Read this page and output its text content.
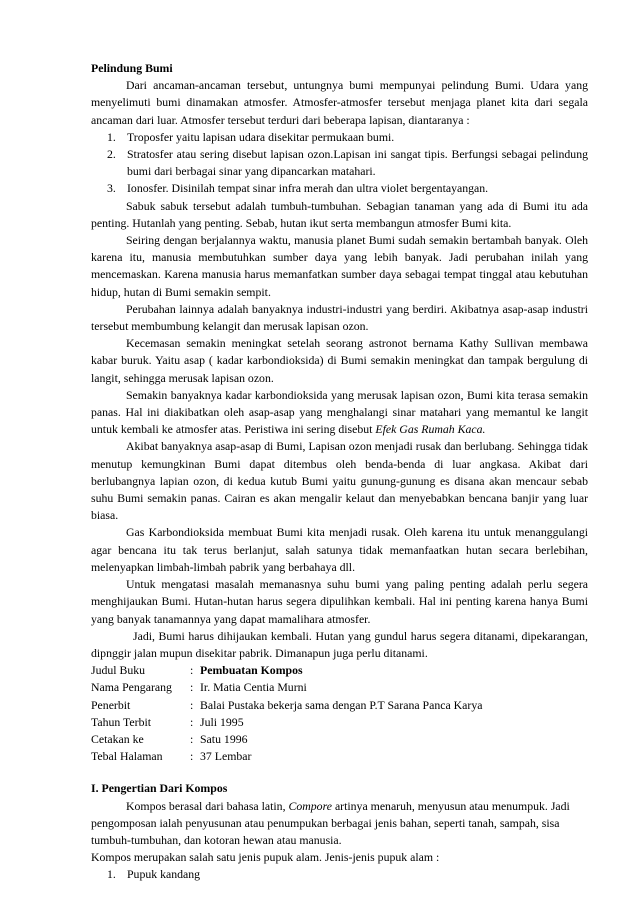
Pelindung Bumi

Dari ancaman-ancaman tersebut, untungnya bumi mempunyai pelindung Bumi. Udara yang menyelimuti bumi dinamakan atmosfer. Atmosfer-atmosfer tersebut menjaga planet kita dari segala ancaman dari luar. Atmosfer tersebut terduri dari beberapa lapisan, diantaranya :

1. Troposfer yaitu lapisan udara disekitar permukaan bumi.
2. Stratosfer atau sering disebut lapisan ozon.Lapisan ini sangat tipis. Berfungsi sebagai pelindung bumi dari berbagai sinar yang dipancarkan matahari.
3. Ionosfer. Disinilah tempat sinar infra merah dan ultra violet bergentayangan.

Sabuk sabuk tersebut adalah tumbuh-tumbuhan. Sebagian tanaman yang ada di Bumi itu ada penting. Hutanlah yang penting. Sebab, hutan ikut serta membangun atmosfer Bumi kita.

Seiring dengan berjalannya waktu, manusia planet Bumi sudah semakin bertambah banyak. Oleh karena itu, manusia membutuhkan sumber daya yang lebih banyak. Jadi perubahan inilah yang mencemaskan. Karena manusia harus memanfatkan sumber daya sebagai tempat tinggal atau kebutuhan hidup, hutan di Bumi semakin sempit.

Perubahan lainnya adalah banyaknya industri-industri yang berdiri. Akibatnya asap-asap industri tersebut membumbung kelangit dan merusak lapisan ozon.

Kecemasan semakin meningkat setelah seorang astronot bernama Kathy Sullivan membawa kabar buruk. Yaitu asap ( kadar karbondioksida) di Bumi semakin meningkat dan tampak bergulung di langit, sehingga merusak lapisan ozon.

Semakin banyaknya kadar karbondioksida yang merusak lapisan ozon, Bumi kita terasa semakin panas. Hal ini diakibatkan oleh asap-asap yang menghalangi sinar matahari yang memantul ke langit untuk kembali ke atmosfer atas. Peristiwa ini sering disebut Efek Gas Rumah Kaca.

Akibat banyaknya asap-asap di Bumi, Lapisan ozon menjadi rusak dan berlubang. Sehingga tidak menutup kemungkinan Bumi dapat ditembus oleh benda-benda di luar angkasa. Akibat dari berlubangnya lapian ozon, di kedua kutub Bumi yaitu gunung-gunung es disana akan mencaur sebab suhu Bumi semakin panas. Cairan es akan mengalir kelaut dan menyebabkan bencana banjir yang luar biasa.

Gas Karbondioksida membuat Bumi kita menjadi rusak. Oleh karena itu untuk menanggulangi agar bencana itu tak terus berlanjut, salah satunya tidak memanfaatkan hutan secara berlebihan, melenyapkan limbah-limbah pabrik yang berbahaya dll.

Untuk mengatasi masalah memanasnya suhu bumi yang paling penting adalah perlu segera menghijaukan Bumi. Hutan-hutan harus segera dipulihkan kembali. Hal ini penting karena hanya Bumi yang banyak tanamannya yang dapat mamalihara atmosfer.

Jadi, Bumi harus dihijaukan kembali. Hutan yang gundul harus segera ditanami, dipekarangan, dipnggir jalan mupun disekitar pabrik. Dimanapun juga perlu ditanami.

Judul Buku	: Pembuatan Kompos
Nama Pengarang	: Ir. Matia Centia Murni
Penerbit	: Balai Pustaka bekerja sama dengan P.T Sarana Panca Karya
Tahun Terbit	: Juli 1995
Cetakan ke	: Satu 1996
Tebal Halaman	: 37 Lembar
I. Pengertian Dari Kompos

Kompos berasal dari bahasa latin, Compore artinya menaruh, menyusun atau menumpuk. Jadi pengomposan ialah penyusunan atau penumpukan berbagai jenis bahan, seperti tanah, sampah, sisa tumbuh-tumbuhan, dan kotoran hewan atau manusia.

Kompos merupakan salah satu jenis pupuk alam. Jenis-jenis pupuk alam :

1. Pupuk kandang
